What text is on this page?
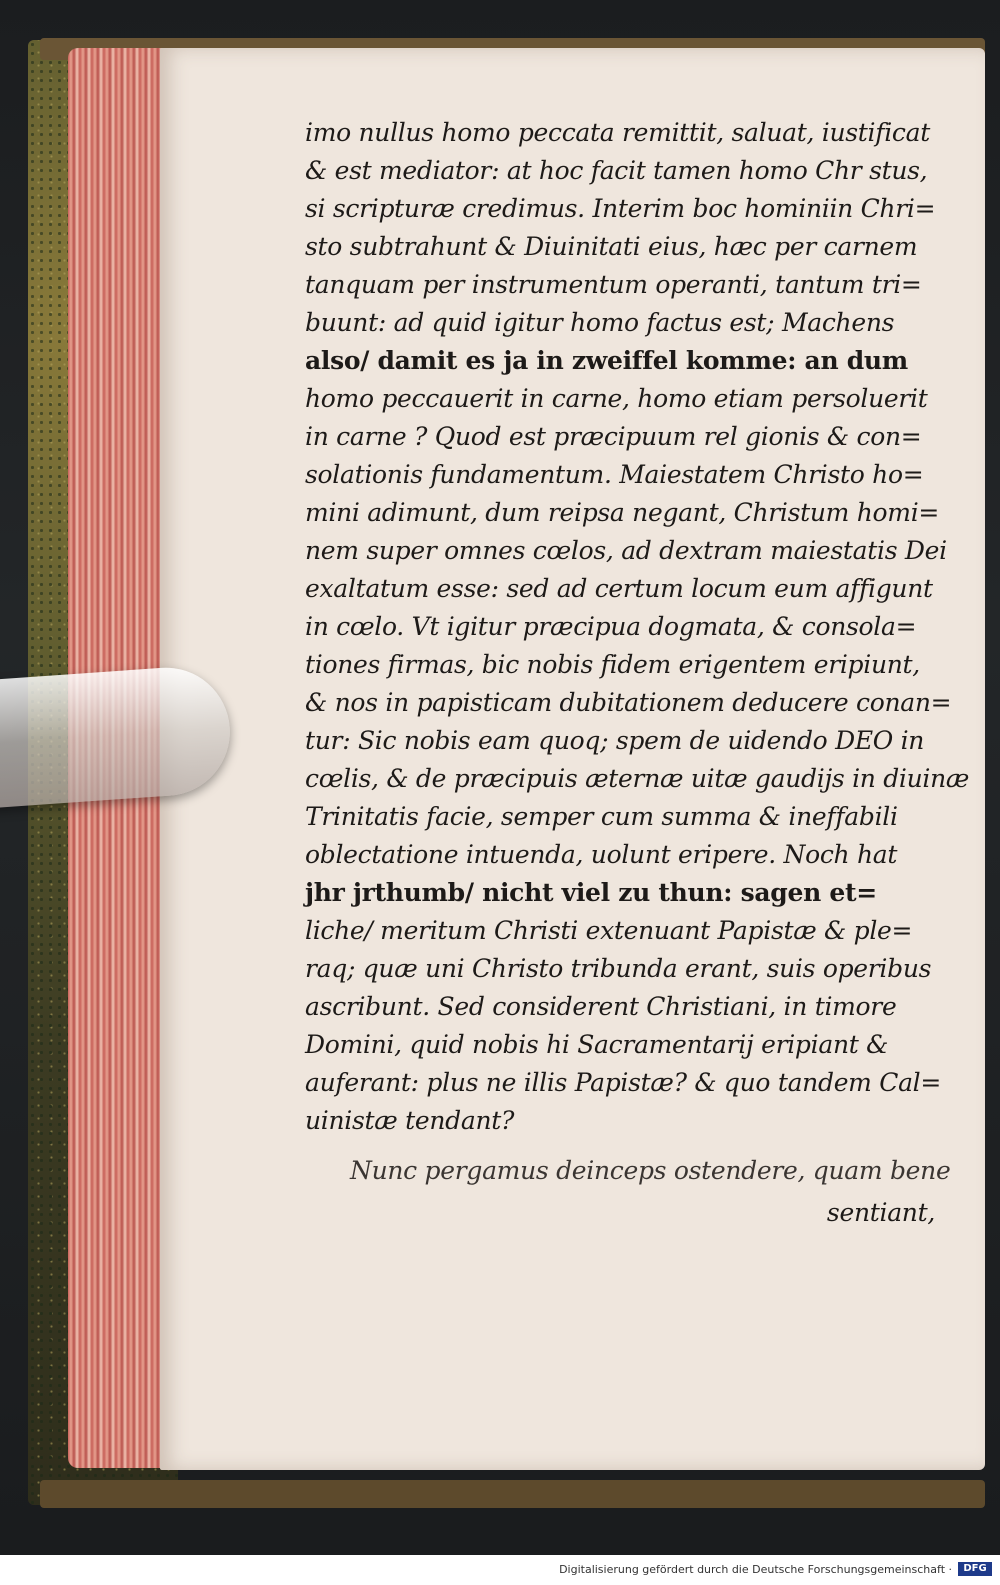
imo nullus homo peccata remittit, saluat, iustificat
& est mediator: at hoc facit tamen homo Chr stus,
si scripturæ credimus. Interim boc hominiin Chri=
sto subtrahunt & Diuinitati eius, hæc per carnem
tanquam per instrumentum operanti, tantum tri=
buunt: ad quid igitur homo factus est; Machens
also/ damit es ja in zweiffel komme: an dum
homo peccauerit in carne, homo etiam persoluerit
in carne ? Quod est præcipuum rel gionis & con=
solationis fundamentum. Maiestatem Christo ho=
mini adimunt, dum reipsa negant, Christum homi=
nem super omnes cœlos, ad dextram maiestatis Dei
exaltatum esse: sed ad certum locum eum affigunt
in cœlo. Vt igitur præcipua dogmata, & consola=
tiones firmas, bic nobis fidem erigentem eripiunt,
& nos in papisticam dubitationem deducere conan=
tur: Sic nobis eam quoq; spem de uidendo DEO in
cœlis, & de præcipuis æternæ uitæ gaudijs in diuinæ
Trinitatis facie, semper cum summa & ineffabili
oblectatione intuenda, uolunt eripere. Noch hat
jhr jrthumb/ nicht viel zu thun: sagen et=
liche/ meritum Christi extenuant Papistæ & ple=
raq; quæ uni Christo tribunda erant, suis operibus
ascribunt. Sed considerent Christiani, in timore
Domini, quid nobis hi Sacramentarij eripiant &
auferant: plus ne illis Papistæ? & quo tandem Cal=
uinistæ tendant?
Nunc pergamus deinceps ostendere, quam bene
sentiant,
Digitalisierung gefördert durch die Deutsche Forschungsgemeinschaft ·	DFG
